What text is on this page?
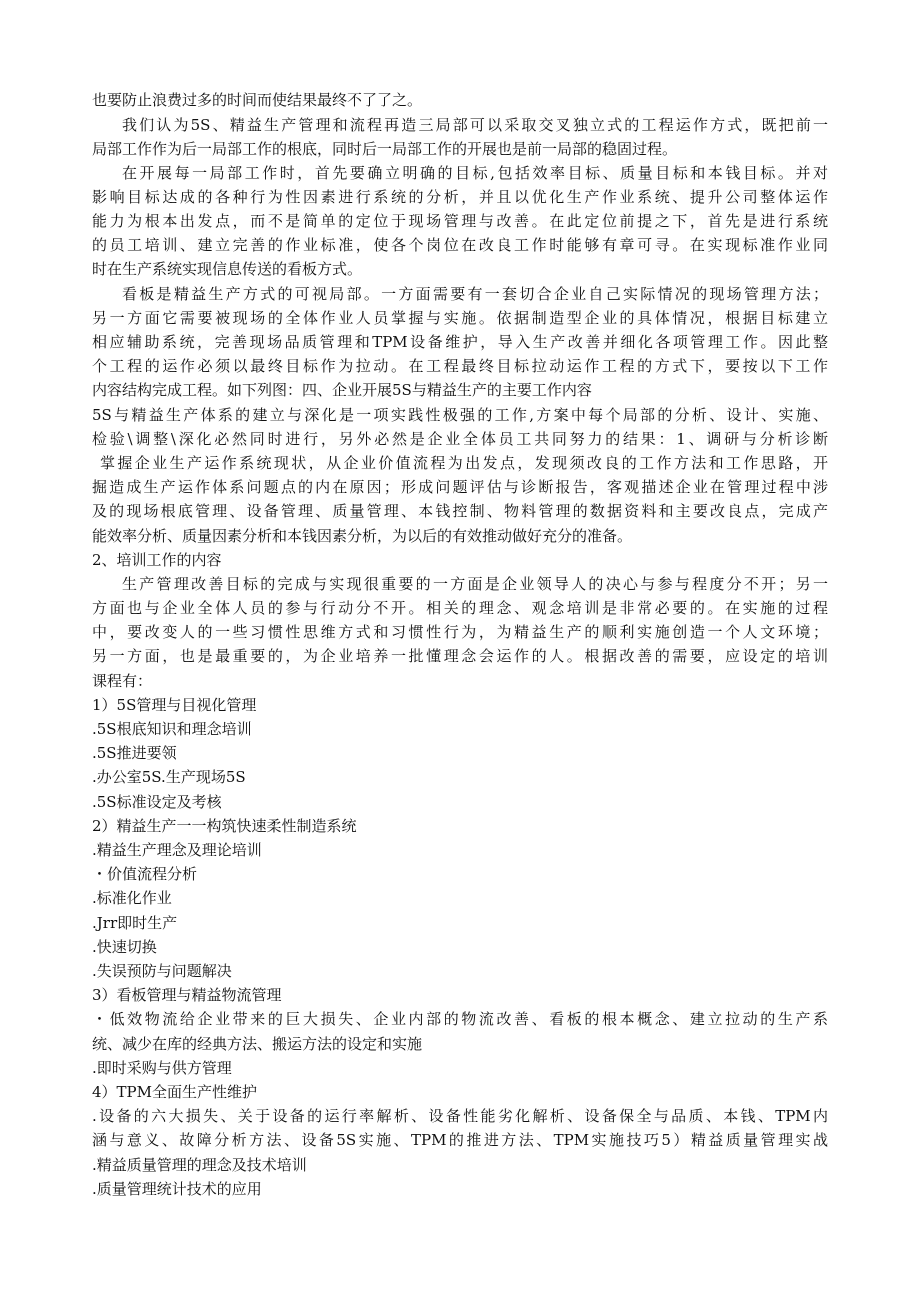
也要防止浪费过多的时间而使结果最终不了了之。
我们认为5S、精益生产管理和流程再造三局部可以采取交叉独立式的工程运作方式，既把前一
局部工作作为后一局部工作的根底，同时后一局部工作的开展也是前一局部的稳固过程。
在开展每一局部工作时，首先要确立明确的目标,包括效率目标、质量目标和本钱目标。并对
影响目标达成的各种行为性因素进行系统的分析，并且以优化生产作业系统、提升公司整体运作
能力为根本出发点，而不是简单的定位于现场管理与改善。在此定位前提之下，首先是进行系统
的员工培训、建立完善的作业标准，使各个岗位在改良工作时能够有章可寻。在实现标准作业同
时在生产系统实现信息传送的看板方式。
看板是精益生产方式的可视局部。一方面需要有一套切合企业自己实际情况的现场管理方法；
另一方面它需要被现场的全体作业人员掌握与实施。依据制造型企业的具体情况，根据目标建立
相应辅助系统，完善现场品质管理和TPM设备维护，导入生产改善并细化各项管理工作。因此整
个工程的运作必须以最终目标作为拉动。在工程最终目标拉动运作工程的方式下，要按以下工作
内容结构完成工程。如下列图：四、企业开展5S与精益生产的主要工作内容
5S与精益生产体系的建立与深化是一项实践性极强的工作,方案中每个局部的分析、设计、实施、
检验\调整\深化必然同时进行，另外必然是企业全体员工共同努力的结果：1、调研与分析诊断
掌握企业生产运作系统现状，从企业价值流程为出发点，发现须改良的工作方法和工作思路，开
掘造成生产运作体系问题点的内在原因；形成问题评估与诊断报告，客观描述企业在管理过程中涉
及的现场根底管理、设备管理、质量管理、本钱控制、物料管理的数据资料和主要改良点，完成产
能效率分析、质量因素分析和本钱因素分析，为以后的有效推动做好充分的准备。
2、培训工作的内容
生产管理改善目标的完成与实现很重要的一方面是企业领导人的决心与参与程度分不开；另一
方面也与企业全体人员的参与行动分不开。相关的理念、观念培训是非常必要的。在实施的过程
中，要改变人的一些习惯性思维方式和习惯性行为，为精益生产的顺利实施创造一个人文环境；
另一方面，也是最重要的，为企业培养一批懂理念会运作的人。根据改善的需要，应设定的培训
课程有：
1）5S管理与目视化管理
.5S根底知识和理念培训
.5S推进要领
.办公室5S.生产现场5S
.5S标准设定及考核
2）精益生产一一构筑快速柔性制造系统
.精益生产理念及理论培训
・价值流程分析
.标准化作业
.Jrr即时生产
.快速切换
.失误预防与问题解决
3）看板管理与精益物流管理
・低效物流给企业带来的巨大损失、企业内部的物流改善、看板的根本概念、建立拉动的生产系
统、减少在库的经典方法、搬运方法的设定和实施
.即时采购与供方管理
4）TPM全面生产性维护
.设备的六大损失、关于设备的运行率解析、设备性能劣化解析、设备保全与品质、本钱、TPM内
涵与意义、故障分析方法、设备5S实施、TPM的推进方法、TPM实施技巧5）精益质量管理实战
.精益质量管理的理念及技术培训
.质量管理统计技术的应用
